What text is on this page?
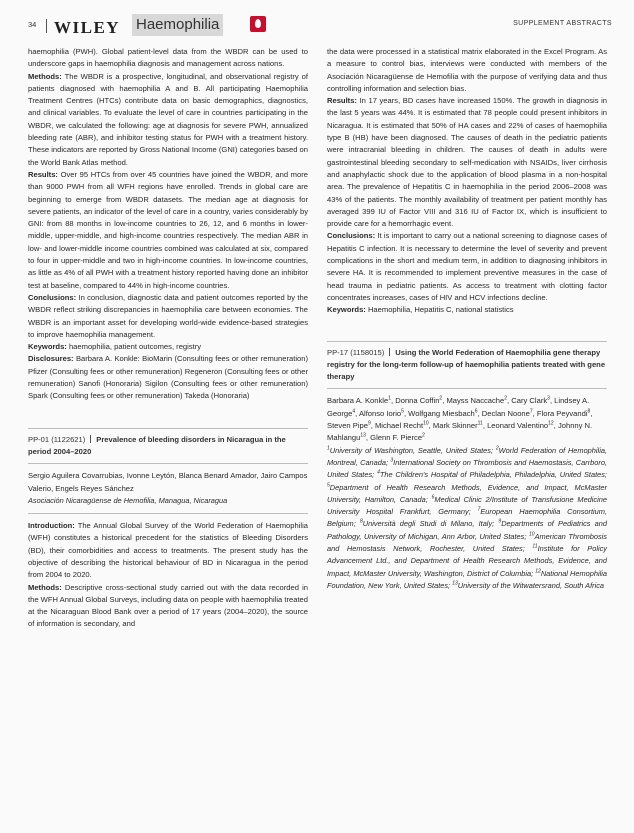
34 WILEY Haemophilia	SUPPLEMENT ABSTRACTS

haemophilia (PWH). Global patient-level data from the WBDR can be used to underscore gaps in haemophilia diagnosis and management across nations.

Methods: The WBDR is a prospective, longitudinal, and observational registry of patients diagnosed with haemophilia A and B. All participating Haemophilia Treatment Centres (HTCs) contribute data on basic demographics, diagnostics, and clinical variables. To evaluate the level of care in countries participating in the WBDR, we calculated the following: age at diagnosis for severe PWH, annualized bleeding rate (ABR), and inhibitor testing status for PWH with a treatment history. These indicators are reported by Gross National Income (GNI) categories based on the World Bank Atlas method.

Results: Over 95 HTCs from over 45 countries have joined the WBDR, and more than 9000 PWH from all WFH regions have enrolled. Trends in global care are beginning to emerge from WBDR datasets. The median age at diagnosis for severe patients, an indicator of the level of care in a country, varies considerably by GNI: from 88 months in low-income countries to 26, 12, and 6 months in lower-middle, upper-middle, and high-income countries respectively. The median ABR in low- and lower-middle income countries combined was calculated at six, compared to four in upper-middle and two in high-income countries. In low-income countries, as little as 4% of all PWH with a treatment history reported having done an inhibitor test at baseline, compared to 44% in high-income countries.

Conclusions: In conclusion, diagnostic data and patient outcomes reported by the WBDR reflect striking discrepancies in haemophilia care between economies. The WBDR is an important asset for developing world-wide evidence-based strategies to improve haemophilia management.

Keywords: haemophilia, patient outcomes, registry

Disclosures: Barbara A. Konkle: BioMarin (Consulting fees or other remuneration) Pfizer (Consulting fees or other remuneration) Regeneron (Consulting fees or other remuneration) Sanofi (Honoraria) Sigilon (Consulting fees or other remuneration) Spark (Consulting fees or other remuneration) Takeda (Honoraria)

PP-01 (1122621) Prevalence of bleeding disorders in Nicaragua in the period 2004–2020

Sergio Aguilera Covarrubias, Ivonne Leytón, Blanca Benard Amador, Jairo Campos Valerio, Engels Reyes Sánchez

Asociación Nicaragüense de Hemofilia, Managua, Nicaragua

Introduction: The Annual Global Survey of the World Federation of Haemophilia (WFH) constitutes a historical precedent for the statistics of Bleeding Disorders (BD), their comorbidities and access to treatments. The present study has the objective of describing the historical behaviour of BD in Nicaragua in the period from 2004 to 2020.

Methods: Descriptive cross-sectional study carried out with the data recorded in the WFH Annual Global Surveys, including data on people with haemophilia treated at the Nicaraguan Blood Bank over a period of 17 years (2004–2020), the source of information is secondary, and

the data were processed in a statistical matrix elaborated in the Excel Program. As a measure to control bias, interviews were conducted with members of the Asociación Nicaragüense de Hemofilia with the purpose of verifying data and thus controlling information and selection bias.

Results: In 17 years, BD cases have increased 150%. The growth in diagnosis in the last 5 years was 44%. It is estimated that 78 people could present inhibitors in Nicaragua. It is estimated that 50% of HA cases and 22% of cases of haemophilia type B (HB) have been diagnosed. The causes of death in the pediatric patients were intracranial bleeding in children. The causes of death in adults were gastrointestinal bleeding secondary to self-medication with NSAIDs, liver cirrhosis and anaphylactic shock due to the application of blood plasma in a non-hospital area. The prevalence of Hepatitis C in haemophilia in the period 2006–2008 was 43% of the patients. The monthly availability of treatment per patient monthly has averaged 399 IU of Factor VIII and 316 IU of Factor IX, which is insufficient to provide care for a hemorrhagic event.

Conclusions: It is important to carry out a national screening to diagnose cases of Hepatitis C infection. It is necessary to determine the level of severity and prevent complications in the short and medium term, in addition to diagnosing inhibitors in severe HA. It is recommended to implement preventive measures in the case of head trauma in pediatric patients. As access to treatment with clotting factor concentrates increases, cases of HIV and HCV infections decline.

Keywords: Haemophilia, Hepatitis C, national statistics

PP-17 (1158015) Using the World Federation of Haemophilia gene therapy registry for the long-term follow-up of haemophilia patients treated with gene therapy

Barbara A. Konkle$^1$, Donna Coffin$^2$, Mayss Naccache$^2$, Cary Clark$^3$, Lindsey A. George$^4$, Alfonso Iorio$^5$, Wolfgang Miesbach$^6$, Declan Noone$^7$, Flora Peyvandi$^8$, Steven Pipe$^9$, Michael Recht$^{10}$, Mark Skinner$^{11}$, Leonard Valentino$^{12}$, Johnny N. Mahlangu$^{13}$, Glenn F. Pierce$^2$

$^1$University of Washington, Seattle, United States; $^2$World Federation of Hemophilia, Montreal, Canada; $^3$International Society on Thrombosis and Haemostasis, Carrboro, United States; $^4$The Children's Hospital of Philadelphia, Philadelphia, United States; $^5$Department of Health Research Methods, Evidence, and Impact, McMaster University, Hamilton, Canada; $^6$Medical Clinic 2/Institute of Transfusione Medicine University Hospital Frankfurt, Germany; $^7$European Haemophilia Consortium, Belgium; $^8$Università degli Studi di Milano, Italy; $^9$Departments of Pediatrics and Pathology, University of Michigan, Ann Arbor, United States; $^{10}$American Thrombosis and Hemostasis Network, Rochester, United States; $^{11}$Institute for Policy Advancement Ltd., and Department of Health Research Methods, Evidence, and Impact, McMaster University, Washington, District of Columbia; $^{12}$National Hemophilia Foundation, New York, United States; $^{13}$University of the Witwatersrand, South Africa
